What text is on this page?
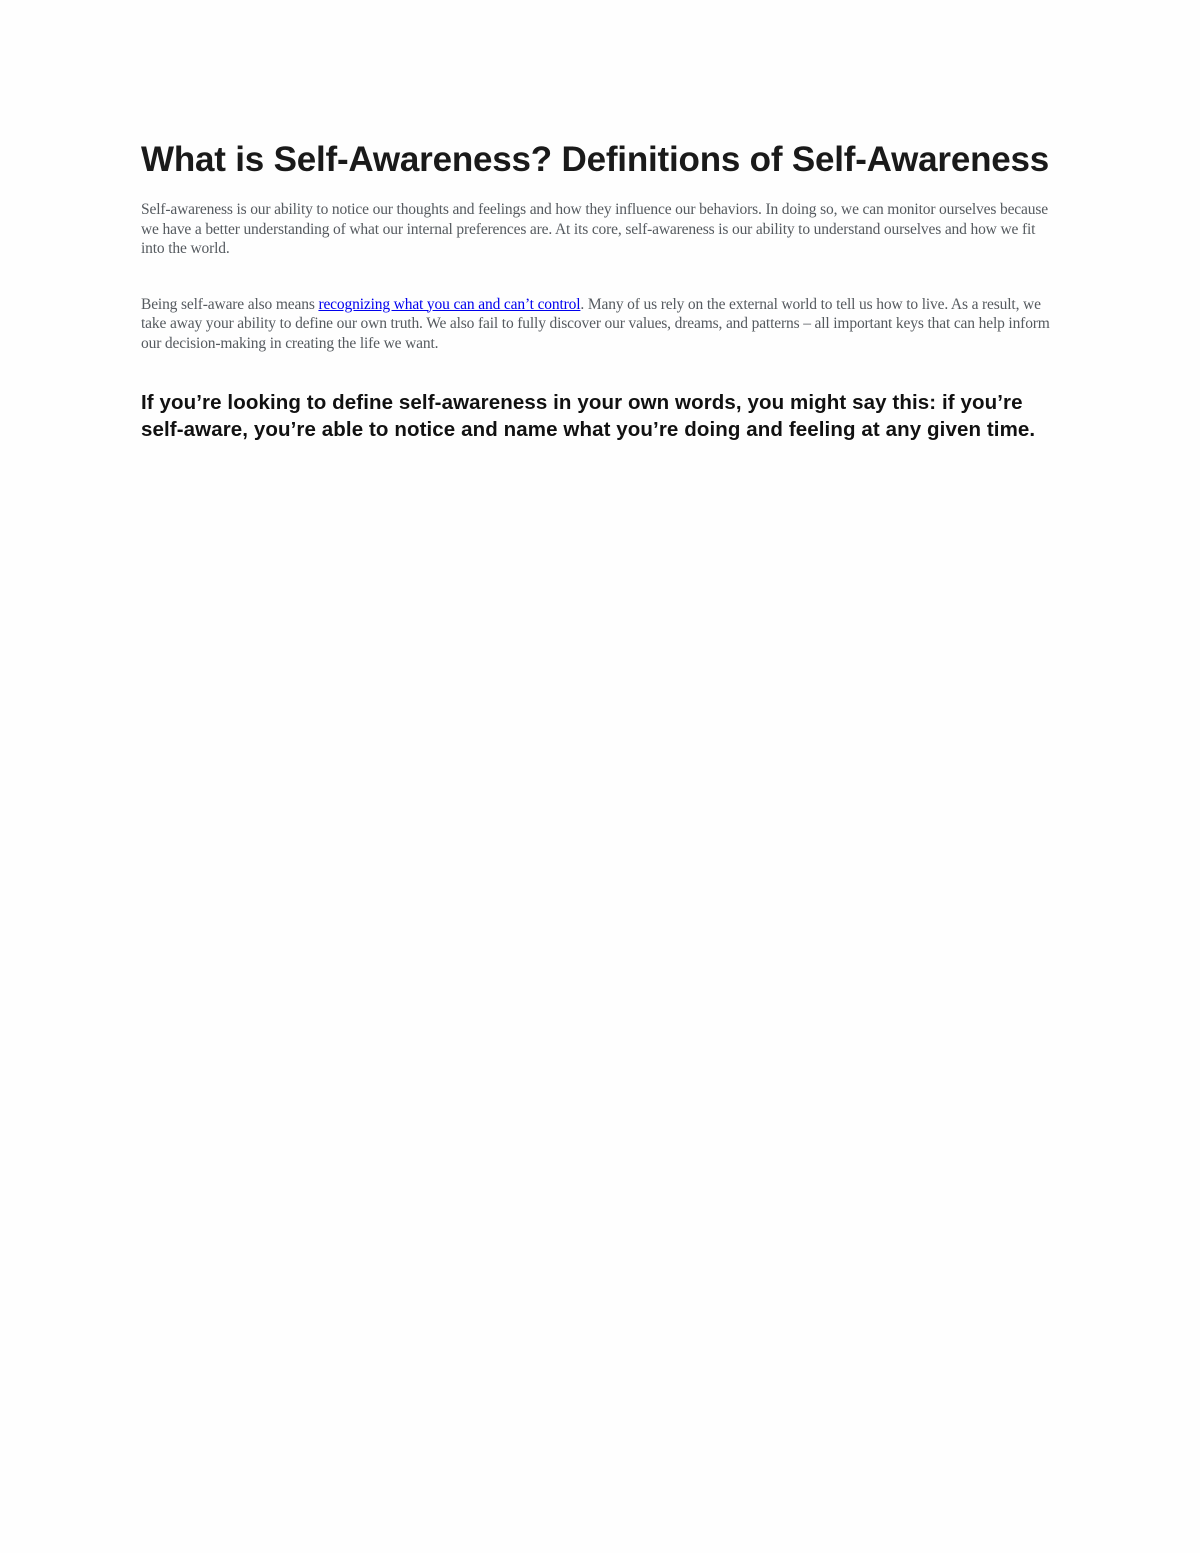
What is Self-Awareness? Definitions of Self-Awareness

Self-awareness is our ability to notice our thoughts and feelings and how they influence our behaviors. In doing so, we can monitor ourselves because we have a better understanding of what our internal preferences are. At its core, self-awareness is our ability to understand ourselves and how we fit into the world.

Being self-aware also means recognizing what you can and can’t control. Many of us rely on the external world to tell us how to live. As a result, we take away your ability to define our own truth. We also fail to fully discover our values, dreams, and patterns – all important keys that can help inform our decision-making in creating the life we want.

If you’re looking to define self-awareness in your own words, you might say this: if you’re self-aware, you’re able to notice and name what you’re doing and feeling at any given time.
